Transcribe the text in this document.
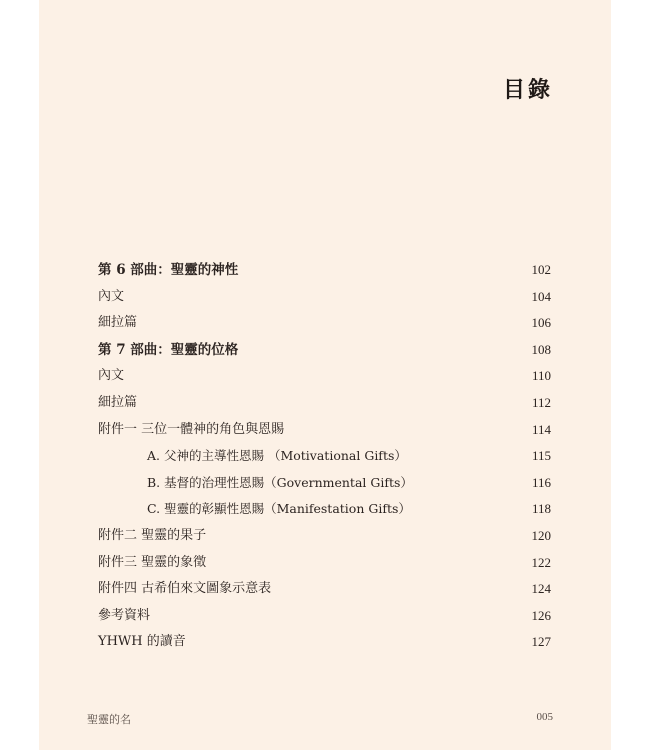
目錄
第 6 部曲：聖靈的神性	102
內文	104
細拉篇	106
第 7 部曲：聖靈的位格	108
內文	110
細拉篇	112
附件一 三位一體神的角色與恩賜	114
A. 父神的主導性恩賜 （Motivational Gifts）	115
B. 基督的治理性恩賜（Governmental Gifts）	116
C. 聖靈的彰顯性恩賜（Manifestation Gifts）	118
附件二 聖靈的果子	120
附件三 聖靈的象徵	122
附件四 古希伯來文圖象示意表	124
參考資料	126
YHWH 的讀音	127
聖靈的名	005
